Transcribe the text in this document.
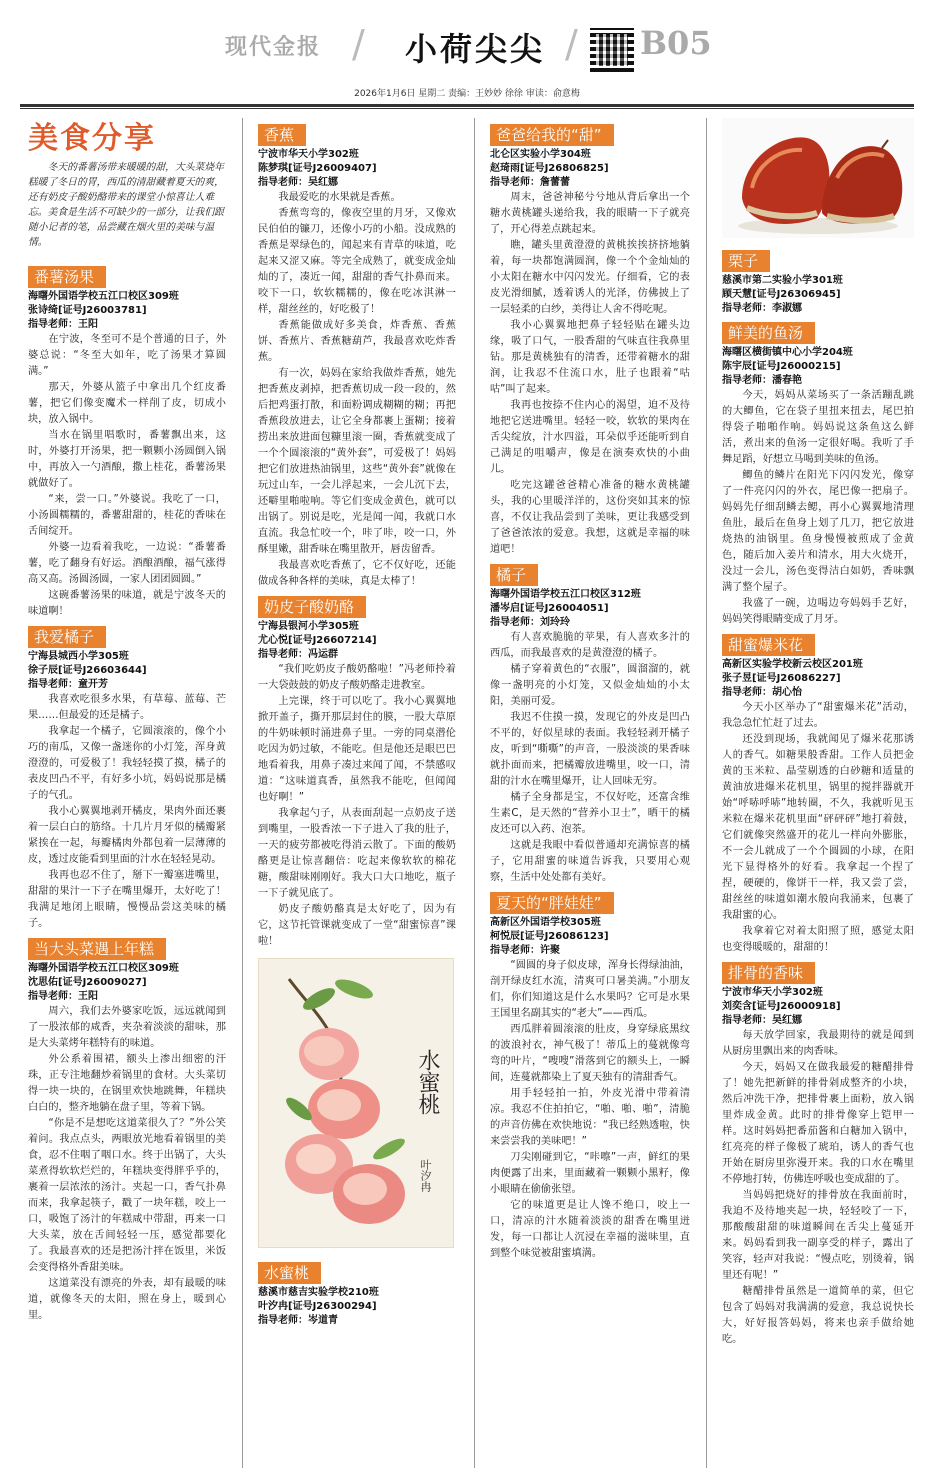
现代金报 / 小荷尖尖 / B05
2026年1月6日 星期二 责编：王妙妙 徐徐 审读：俞意梅
美食分享
冬天的番薯汤带来暖暖的甜，大头菜烧年糕暖了冬日的胃，西瓜的清甜藏着夏天的爽，还有奶皮子酸奶酪带来的课堂小惊喜让人难忘。美食是生活不可缺少的一部分，让我们跟随小记者的笔，品尝藏在烟火里的美味与温情。
番薯汤果
海曙外国语学校五江口校区309班
张诗绮[证号J26003781]
指导老师：王阳
在宁波，冬至可不是个普通的日子，外婆总说：“冬至大如年，吃了汤果才算圆满。”
那天，外婆从篮子中拿出几个红皮番薯，把它们像变魔术一样削了皮，切成小块，放入锅中。
当水在锅里唱歌时，番薯飘出来，这时，外婆打开汤果，把一颗颗小汤圆倒入锅中，再放入一勺酒酿，撒上桂花，番薯汤果就做好了。
“来，尝一口。”外婆说。我吃了一口，小汤圆糯糯的，番薯甜甜的，桂花的香味在舌间绽开。
外婆一边看着我吃，一边说：“番薯番薯，吃了翻身有好运。酒酿酒酿，福气涨得高又高。汤圆汤圆，一家人团团圆圆。”
这碗番薯汤果的味道，就是宁波冬天的味道啊！
我爱橘子
宁海县城西小学305班
徐子辰[证号J26603644]
指导老师：童开芳
我喜欢吃很多水果，有草莓、蓝莓、芒果……但最爱的还是橘子。
我拿起一个橘子，它圆滚滚的，像个小巧的南瓜，又像一盏迷你的小灯笼，浑身黄澄澄的，可爱极了！我轻轻摸了摸，橘子的表皮凹凸不平，有好多小坑，妈妈说那是橘子的气孔。
我小心翼翼地剥开橘皮，果肉外面还裹着一层白白的筋络。十几片月牙似的橘瓣紧紧挨在一起，每瓣橘肉外都包着一层薄薄的皮，透过皮能看到里面的汁水在轻轻晃动。
我再也忍不住了，掰下一瓣塞进嘴里，甜甜的果汁一下子在嘴里爆开，太好吃了！我满足地闭上眼睛，慢慢品尝这美味的橘子。
当大头菜遇上年糕
海曙外国语学校五江口校区309班
沈思佑[证号J26009027]
指导老师：王阳
周六，我们去外婆家吃饭，远远就闻到了一股浓郁的咸香，夹杂着淡淡的甜味，那是大头菜烤年糕特有的味道。
外公系着围裙，额头上渗出细密的汗珠，正专注地翻炒着锅里的食材。大头菜切得一块一块的，在锅里欢快地跳舞，年糕块白白的，整齐地躺在盘子里，等着下锅。
“你是不是想吃这道菜很久了？”外公笑着问。我点点头，两眼放光地看着锅里的美食，忍不住咽了咽口水。终于出锅了，大头菜煮得软软烂烂的，年糕块变得胖乎乎的，裹着一层浓浓的汤汁。夹起一口，香气扑鼻而来，我拿起筷子，戳了一块年糕，咬上一口，吸饱了汤汁的年糕咸中带甜，再来一口大头菜，放在舌间轻轻一压，感觉都要化了。我最喜欢的还是把汤汁拌在饭里，米饭会变得格外香甜美味。
这道菜没有漂亮的外表，却有最暖的味道，就像冬天的太阳，照在身上，暖到心里。
香蕉
宁波市华天小学302班
陈梦琪[证号J26009407]
指导老师：吴红娜
我最爱吃的水果就是香蕉。
香蕉弯弯的，像夜空里的月牙，又像欢民伯伯的镰刀，还像小巧的小船。没成熟的香蕉是翠绿色的，闻起来有青草的味道，吃起来又涩又麻。等完全成熟了，就变成金灿灿的了，凑近一闻，甜甜的香气扑鼻而来。咬下一口，软软糯糯的，像在吃冰淇淋一样，甜丝丝的，好吃极了！
香蕉能做成好多美食，炸香蕉、香蕉饼、香蕉片、香蕉糖葫芦，我最喜欢吃炸香蕉。
有一次，妈妈在家给我做炸香蕉，她先把香蕉皮剥掉，把香蕉切成一段一段的，然后把鸡蛋打散，和面粉调成糊糊的糊；再把香蕉段放进去，让它全身都裹上蛋糊；接着捞出来放进面包糠里滚一圈，香蕉就变成了一个个圆滚滚的“黄外套”，可爱极了！妈妈把它们放进热油锅里，这些“黄外套”就像在玩过山车，一会儿浮起来，一会儿沉下去，还噼里啪啦响。等它们变成金黄色，就可以出锅了。别说是吃，光是闻一闻，我就口水直流。我急忙咬一个，咔了咔，咬一口，外酥里嫩，甜香味在嘴里散开，唇齿留香。
我最喜欢吃香蕉了，它不仅好吃，还能做成各种各样的美味，真是太棒了！
奶皮子酸奶酪
宁海县银河小学305班
尤心悦[证号J26607214]
指导老师：冯运群
“我们吃奶皮子酸奶酪啦！”冯老师拎着一大袋鼓鼓的奶皮子酸奶酪走进教室。
上完课，终于可以吃了。我小心翼翼地掀开盖子，撕开那层封住的膜，一股大草原的牛奶味顿时涌进鼻子里。一旁的同桌潜伦吃因为奶过敏，不能吃。但是他还是眼巴巴地看着我，用鼻子凑过来闻了闻，不禁感叹道：“这味道真香，虽然我不能吃，但闻闻也好啊！”
我拿起勺子，从表面刮起一点奶皮子送到嘴里，一股香浓一下子进入了我的肚子，一天的疲劳都被吃得消云散了。下面的酸奶酪更是让惊喜翻倍：吃起来像软软的棉花糖，酸甜味刚刚好。我大口大口地吃，瓶子一下子就见底了。
奶皮子酸奶酪真是太好吃了，因为有它，这节托管课就变成了一堂“甜蜜惊喜”课啦！
水蜜桃
叶汐冉
水蜜桃
慈溪市慈吉实验学校210班
叶汐冉[证号J26300294]
指导老师：岑道青
爸爸给我的“甜”
北仑区实验小学304班
赵琦雨[证号J26806825]
指导老师：詹蕾蕾
周末，爸爸神秘兮兮地从背后拿出一个糖水黄桃罐头递给我，我的眼睛一下子就亮了，开心得差点跳起来。
瞧，罐头里黄澄澄的黄桃挨挨挤挤地躺着，每一块都饱满圆润，像一个个金灿灿的小太阳在糖水中闪闪发光。仔细看，它的表皮光滑细腻，透着诱人的光泽，仿佛披上了一层轻柔的白纱，美得让人舍不得吃呢。
我小心翼翼地把鼻子轻轻贴在罐头边缘，吸了口气，一股香甜的气味直往我鼻里钻。那是黄桃独有的清香，还带着糖水的甜润，让我忍不住流口水，肚子也跟着“咕咕”叫了起来。
我再也按捺不住内心的渴望，迫不及待地把它送进嘴里。轻轻一咬，软软的果肉在舌尖绽放，汁水四溢，耳朵似乎还能听到自己满足的咀嚼声，像是在演奏欢快的小曲儿。
吃完这罐爸爸精心准备的糖水黄桃罐头，我的心里暖洋洋的，这份突如其来的惊喜，不仅让我品尝到了美味，更让我感受到了爸爸浓浓的爱意。我想，这就是幸福的味道吧！
橘子
海曙外国语学校五江口校区312班
潘岑启[证号J26004051]
指导老师：刘玲玲
有人喜欢脆脆的苹果，有人喜欢多汁的西瓜，而我最喜欢的是黄澄澄的橘子。
橘子穿着黄色的“衣服”，圆溜溜的，就像一盏明亮的小灯笼，又似金灿灿的小太阳，美丽可爱。
我迟不住摸一摸，发现它的外皮是凹凸不平的，好似星球的表面。我轻轻剥开橘子皮，听到“嘶嘶”的声音，一股淡淡的果香味就扑面而来，把橘瓣放进嘴里，咬一口，清甜的汁水在嘴里爆开，让人回味无穷。
橘子全身都是宝，不仅好吃，还富含维生素C，是天然的“营养小卫士”，晒干的橘皮还可以入药、泡茶。
这就是我眼中看似普通却充满惊喜的橘子，它用甜蜜的味道告诉我，只要用心观察，生活中处处都有美好。
夏天的“胖娃娃”
高新区外国语学校305班
柯悦辰[证号J26086123]
指导老师：许聚
“圆圆的身子似皮球，浑身长得绿油油，剖开绿皮红水流，清爽可口暑美满。”小朋友们，你们知道这是什么水果吗？它可是水果王国里名副其实的“老大”——西瓜。
西瓜胖着圆滚滚的肚皮，身穿绿底黑纹的波浪衬衣，神气极了！蒂瓜上的蔓就像弯弯的叶片，“嗖嗖”滑落到它的额头上，一瞬间，连蔓就都染上了夏天独有的清甜香气。
用手轻轻拍一拍，外皮光滑中带着清凉。我忍不住拍拍它，“啪、啪、啪”，清脆的声音仿佛在欢快地说：“我已经熟透啦，快来尝尝我的美味吧！”
刀尖刚碰到它，“咔嚓”一声，鲜红的果肉便露了出来，里面藏着一颗颗小黑籽，像小眼睛在偷偷张望。
它的味道更是让人馋不绝口，咬上一口，清凉的汁水随着淡淡的甜香在嘴里迸发，每一口都让人沉浸在幸福的滋味里，直到整个味觉被甜蜜填满。
栗子
慈溪市第二实验小学301班
顾天慧[证号J26306945]
指导老师：李淑娜
鲜美的鱼汤
海曙区横街镇中心小学204班
陈宇辰[证号J26000215]
指导老师：潘春艳
今天，妈妈从菜场买了一条活蹦乱跳的大鲫鱼，它在袋子里扭来扭去，尾巴拍得袋子啪啪作响。妈妈说这条鱼这么鲜活，煮出来的鱼汤一定很好喝。我听了手舞足蹈，好想立马喝到美味的鱼汤。
鲫鱼的鳞片在阳光下闪闪发光，像穿了一件亮闪闪的外衣，尾巴像一把扇子。妈妈先仔细刮鳞去鳃，再小心翼翼地清理鱼肚，最后在鱼身上划了几刀，把它放进烧热的油锅里。鱼身慢慢被煎成了金黄色，随后加入姜片和清水，用大火烧开，没过一会儿，汤色变得洁白如奶，香味飘满了整个屋子。
我盛了一碗，边喝边夸妈妈手艺好，妈妈笑得眼睛变成了月牙。
甜蜜爆米花
高新区实验学校新云校区201班
张子昱[证号J26086227]
指导老师：胡心怡
今天小区举办了“甜蜜爆米花”活动，我急急忙忙赶了过去。
还没到现场，我就闻见了爆米花那诱人的香气。如糖果般香甜。工作人员把金黄的玉米粒、晶莹剔透的白砂糖和适量的黄油放进爆米花机里，锅里的搅拌器就开始“呼哧呼哧”地转圈，不久，我就听见玉米粒在爆米花机里面“砰砰砰”地打着鼓，它们就像突然盛开的花儿一样向外膨胀，不一会儿就成了一个个圆圆的小球，在阳光下显得格外的好看。我拿起一个捏了捏，硬硬的，像饼干一样，我又尝了尝，甜丝丝的味道如潮水般向我涌来，包裹了我甜蜜的心。
我拿着它对着太阳照了照，感觉太阳也变得暖暖的，甜甜的！
排骨的香味
宁波市华天小学302班
刘奕含[证号J26000918]
指导老师：吴红娜
每天放学回家，我最期待的就是闻到从厨房里飘出来的肉香味。
今天，妈妈又在做我最爱的糖醋排骨了！她先把新鲜的排骨剁成整齐的小块，然后冲洗干净，把排骨裹上面粉，放入锅里炸成金黄。此时的排骨像穿上铠甲一样。这时妈妈把番茄酱和白糖加入锅中，红亮亮的样子像极了琥珀，诱人的香气也开始在厨房里弥漫开来。我的口水在嘴里不停地打转，仿佛连呼吸也变成甜的了。
当妈妈把烧好的排骨放在我面前时，我迫不及待地夹起一块，轻轻咬了一下，那酸酸甜甜的味道瞬间在舌尖上蔓延开来。妈妈看到我一副享受的样子，露出了笑容，轻声对我说：“慢点吃，别烫着，锅里还有呢！”
糖醋排骨虽然是一道简单的菜，但它包含了妈妈对我满满的爱意，我总说快长大，好好报答妈妈，将来也亲手做给她吃。
